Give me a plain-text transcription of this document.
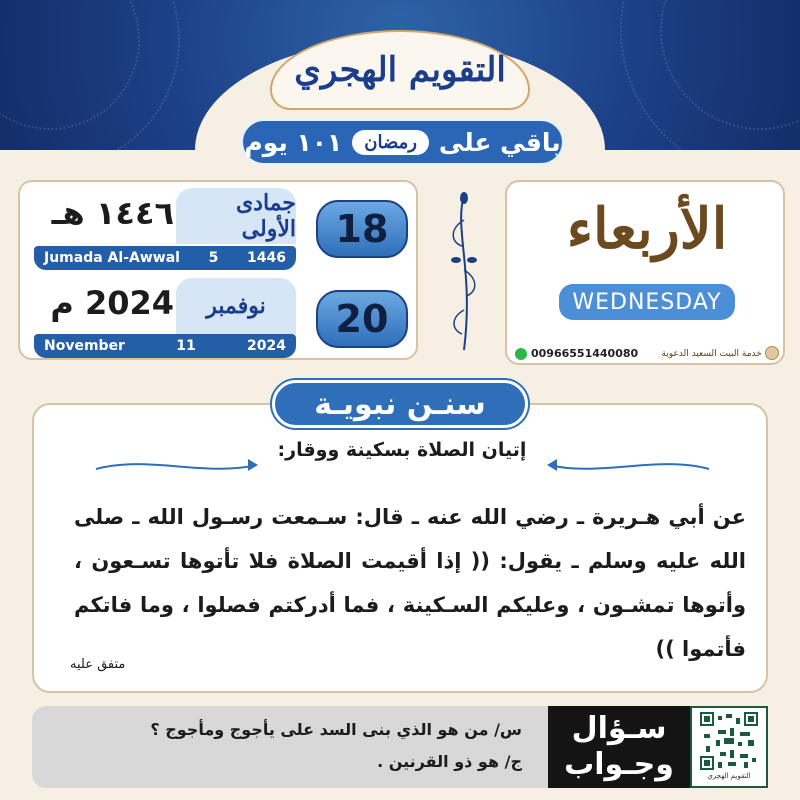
التقويم الهجري
باقي على
رمضان
١٠١ يوم
١٤٤٦ هـ	جمادى الأولى	18
Jumada Al-Awwal 5 1446
2024 م	نوفمبر	20
November	11	2024
الأربعاء
WEDNESDAY
00966551440080	خدمة البيت السعيد الدعوية
سنـن نبويـة
إتيان الصلاة بسكينة ووقار:
عن أبي هـريرة ـ رضي الله عنه ـ قال: سـمعت رسـول الله ـ صلى الله عليه وسلم ـ يقول: (( إذا أقيمت الصلاة فلا تأتوها تسـعون ، وأتوها تمشـون ، وعليكم السـكينة ، فما أدركتم فصلوا ، وما فاتكم فأتموا ))
متفق عليه
س/ من هو الذي بنى السد على يأجوج ومأجوج ؟
ج/ هو ذو القرنين .
سـؤال
وجـواب	التقويم الهجري
